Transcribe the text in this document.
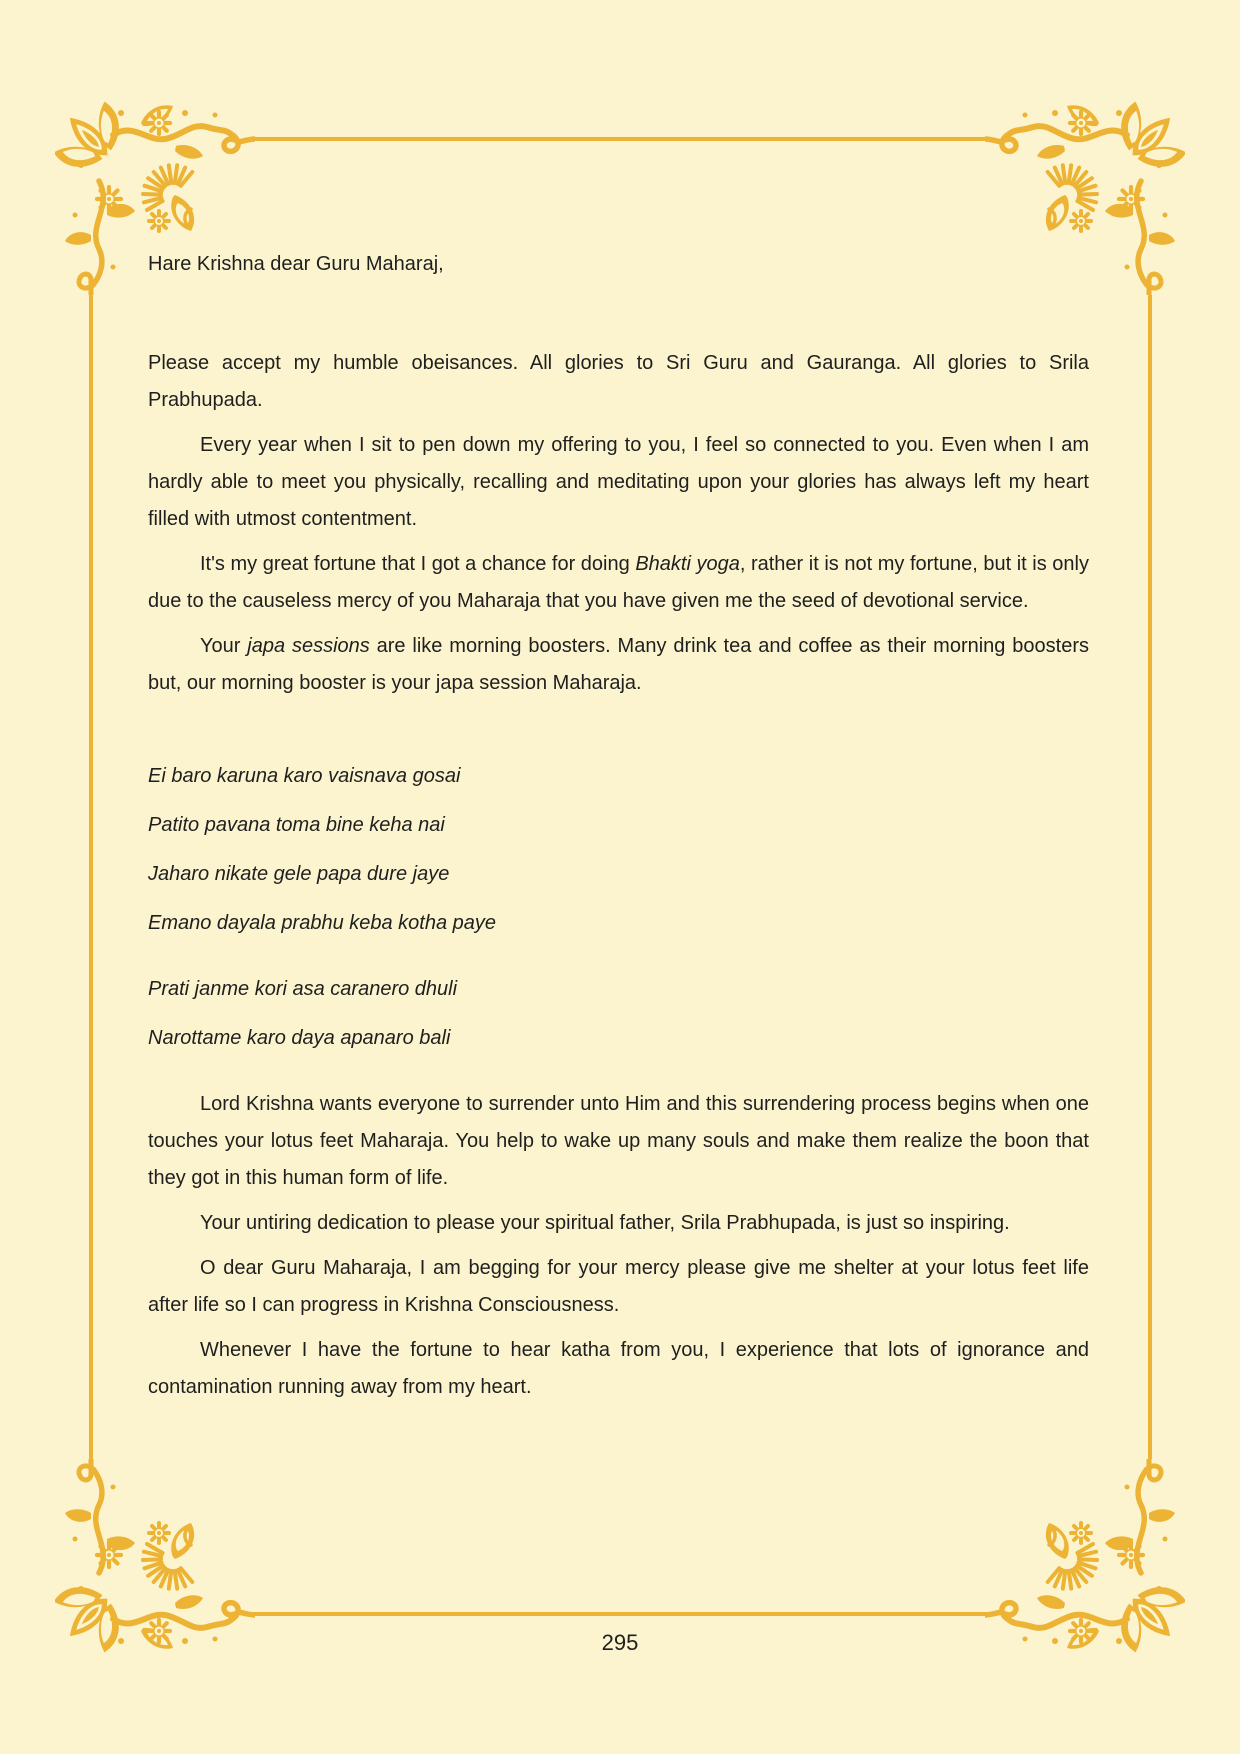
Hare Krishna dear Guru Maharaj,

Please accept my humble obeisances. All glories to Sri Guru and Gauranga. All glories to Srila Prabhupada.

Every year when I sit to pen down my offering to you, I feel so connected to you. Even when I am hardly able to meet you physically, recalling and meditating upon your glories has always left my heart filled with utmost contentment.

It's my great fortune that I got a chance for doing Bhakti yoga, rather it is not my fortune, but it is only due to the causeless mercy of you Maharaja that you have given me the seed of devotional service.

Your japa sessions are like morning boosters. Many drink tea and coffee as their morning boosters but, our morning booster is your japa session Maharaja.

Ei baro karuna karo vaisnava gosai

Patito pavana toma bine keha nai

Jaharo nikate gele papa dure jaye

Emano dayala prabhu keba kotha paye

Prati janme kori asa caranero dhuli

Narottame karo daya apanaro bali

Lord Krishna wants everyone to surrender unto Him and this surrendering process begins when one touches your lotus feet Maharaja. You help to wake up many souls and make them realize the boon that they got in this human form of life.

Your untiring dedication to please your spiritual father, Srila Prabhupada, is just so inspiring.

O dear Guru Maharaja, I am begging for your mercy please give me shelter at your lotus feet life after life so I can progress in Krishna Consciousness.

Whenever I have the fortune to hear katha from you, I experience that lots of ignorance and contamination running away from my heart.

295
